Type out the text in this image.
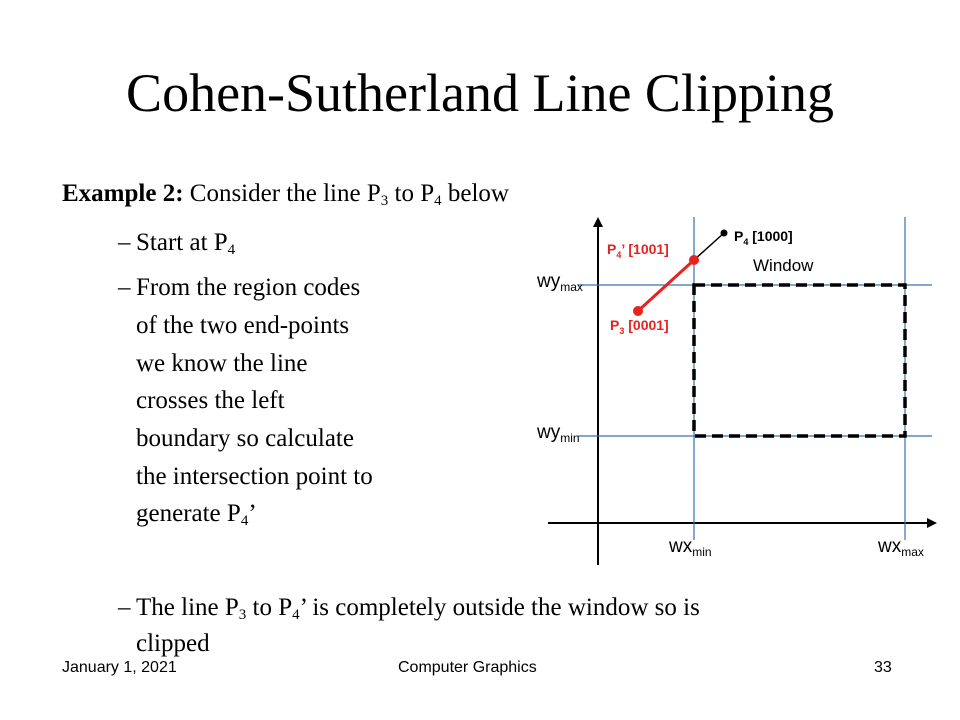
Cohen-Sutherland Line Clipping
Example 2: Consider the line $P_3$ to $P_4$ below
– Start at $P_4$
– From the region codes
of the two end-points
we know the line
crosses the left
boundary so calculate
the intersection point to
generate $P_4$’
– The line $P_3$ to $P_4$’ is completely outside the window so is
clipped
$P_4$ [1000]
$P_4$’ [1001]
$P_3$ [0001]
Window
$wy_{max}$
$wy_{min}$
$wx_{min}$	$wx_{max}$
January 1, 2021	Computer Graphics	33
